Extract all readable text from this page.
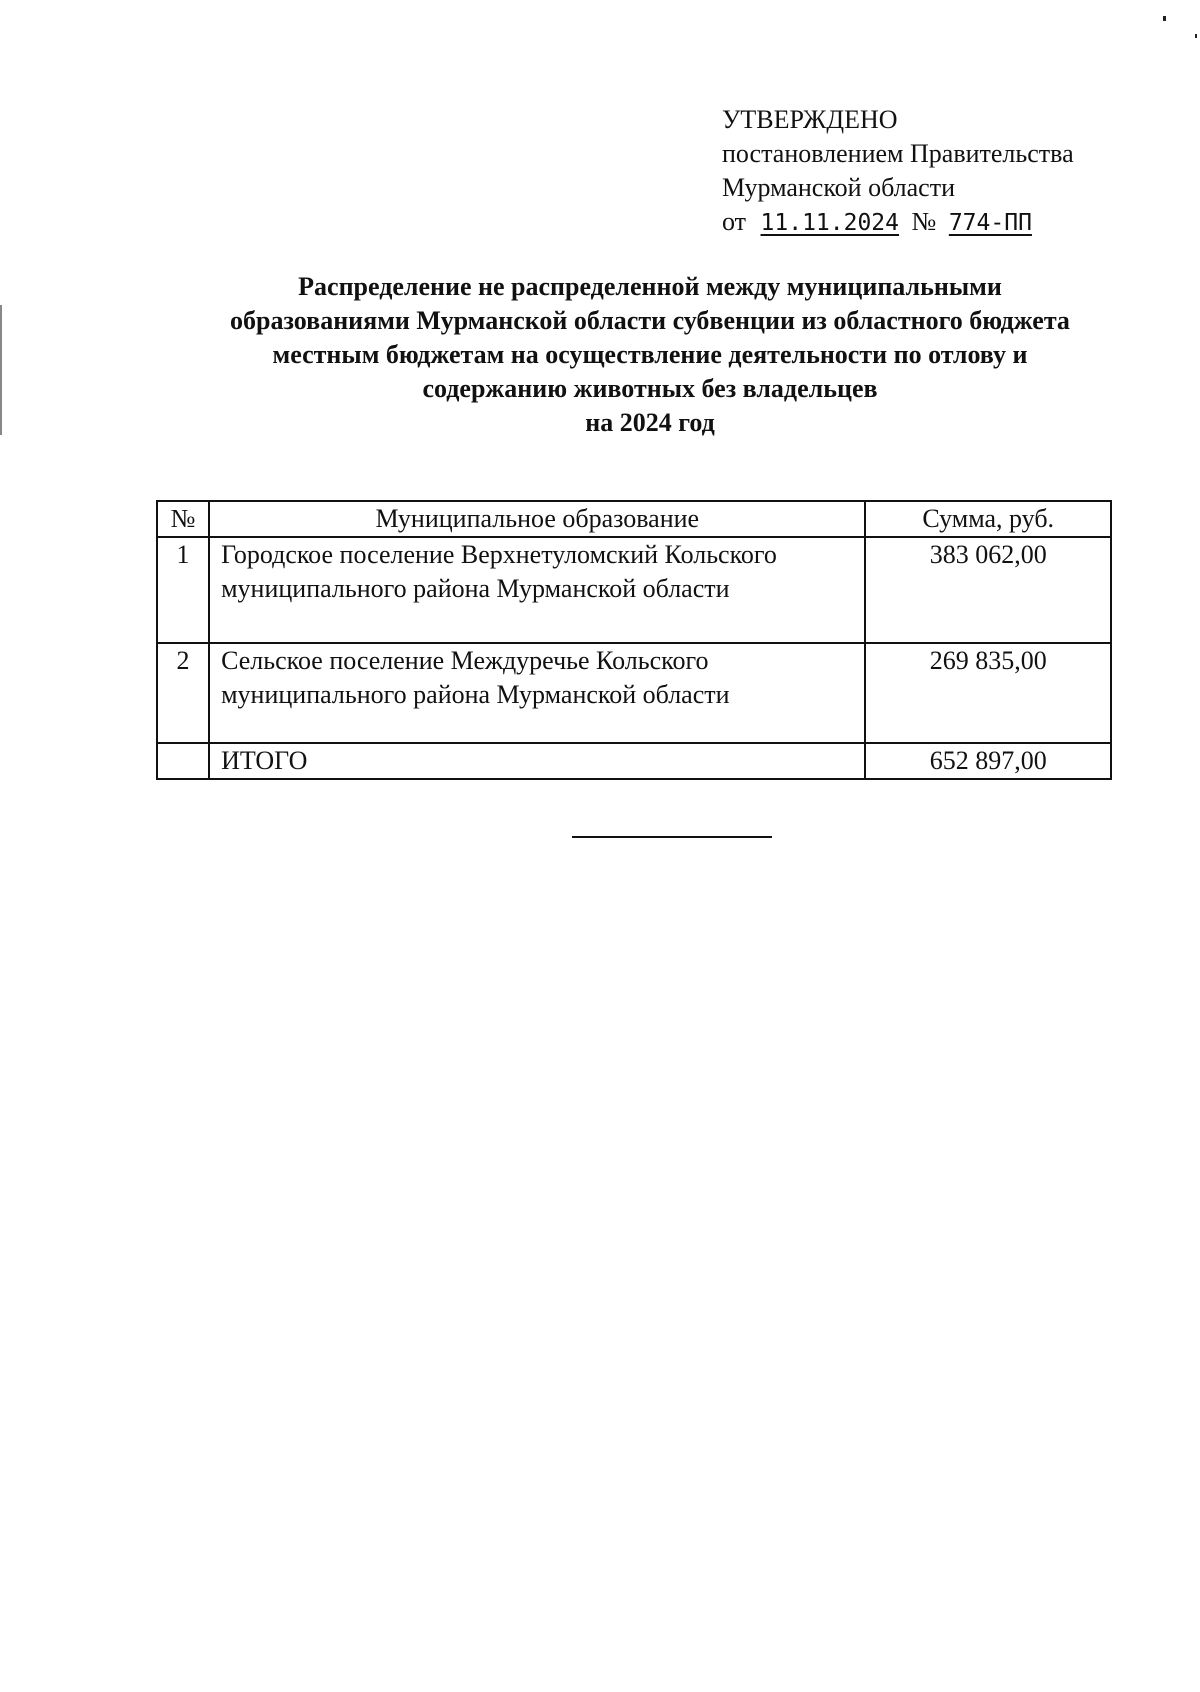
УТВЕРЖДЕНО
постановлением Правительства
Мурманской области
от 11.11.2024 № 774-ПП
Распределение не распределенной между муниципальными
образованиями Мурманской области субвенции из областного бюджета
местным бюджетам на осуществление деятельности по отлову и
содержанию животных без владельцев
на 2024 год
№	Муниципальное образование	Сумма, руб.
1	Городское поселение Верхнетуломский Кольского муниципального района Мурманской области	383 062,00
2	Сельское поселение Междуречье Кольского муниципального района Мурманской области	269 835,00
	ИТОГО	652 897,00
